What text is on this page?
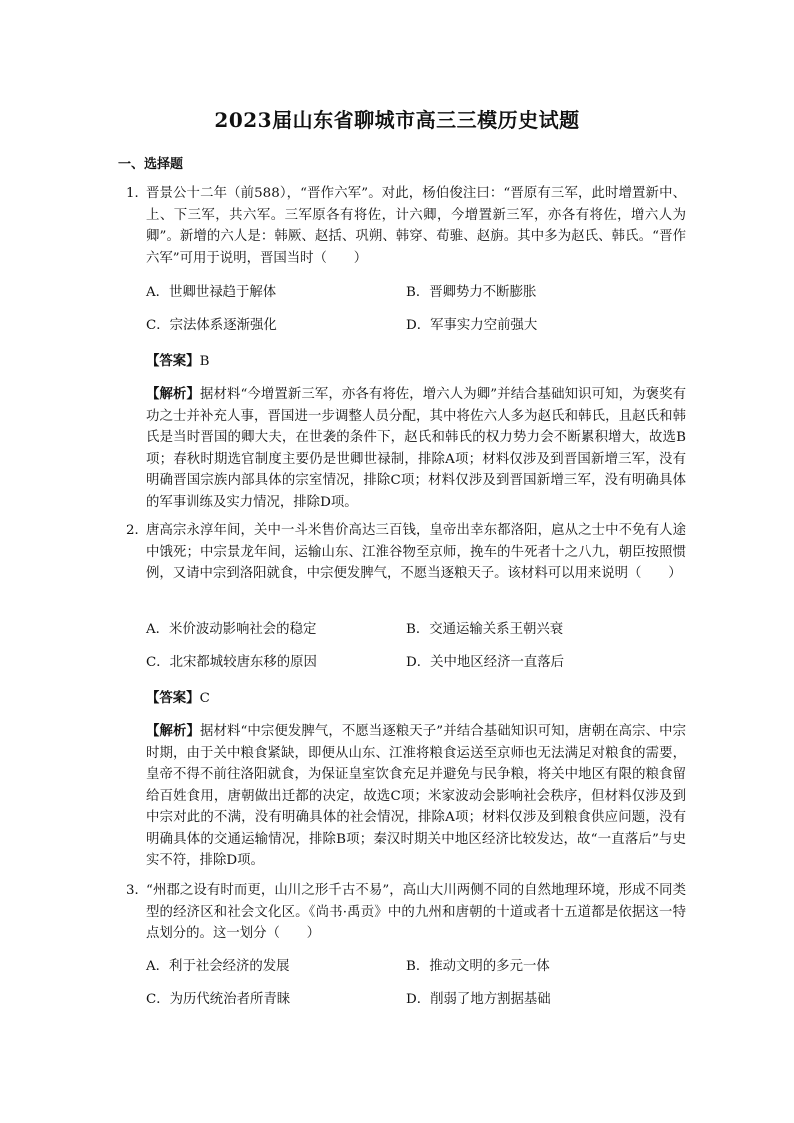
2023届山东省聊城市高三三模历史试题
一、选择题
1．
晋景公十二年（前588），“晋作六军”。对此，杨伯俊注曰：“晋原有三军，此时增置新中、上、下三军，共六军。三军原各有将佐，计六卿，今增置新三军，亦各有将佐，增六人为卿”。新增的六人是：韩厥、赵括、巩朔、韩穿、荀骓、赵旃。其中多为赵氏、韩氏。“晋作六军”可用于说明，晋国当时（　　）
A．世卿世禄趋于解体	B．晋卿势力不断膨胀
C．宗法体系逐渐强化	D．军事实力空前强大
【答案】B
【解析】据材料“今增置新三军，亦各有将佐，增六人为卿”并结合基础知识可知，为褒奖有功之士并补充人事，晋国进一步调整人员分配，其中将佐六人多为赵氏和韩氏，且赵氏和韩氏是当时晋国的卿大夫，在世袭的条件下，赵氏和韩氏的权力势力会不断累积增大，故选B项；春秋时期选官制度主要仍是世卿世禄制，排除A项；材料仅涉及到晋国新增三军，没有明确晋国宗族内部具体的宗室情况，排除C项；材料仅涉及到晋国新增三军，没有明确具体的军事训练及实力情况，排除D项。
2．
唐高宗永淳年间，关中一斗米售价高达三百钱，皇帝出幸东都洛阳，扈从之士中不免有人途中饿死；中宗景龙年间，运输山东、江淮谷物至京师，挽车的牛死者十之八九，朝臣按照惯例，又请中宗到洛阳就食，中宗便发脾气，不愿当逐粮天子。该材料可以用来说明（　　）
A．米价波动影响社会的稳定	B．交通运输关系王朝兴衰
C．北宋都城较唐东移的原因	D．关中地区经济一直落后
【答案】C
【解析】据材料“中宗便发脾气，不愿当逐粮天子”并结合基础知识可知，唐朝在高宗、中宗时期，由于关中粮食紧缺，即便从山东、江淮将粮食运送至京师也无法满足对粮食的需要，皇帝不得不前往洛阳就食，为保证皇室饮食充足并避免与民争粮，将关中地区有限的粮食留给百姓食用，唐朝做出迁都的决定，故选C项；米家波动会影响社会秩序，但材料仅涉及到中宗对此的不满，没有明确具体的社会情况，排除A项；材料仅涉及到粮食供应问题，没有明确具体的交通运输情况，排除B项；秦汉时期关中地区经济比较发达，故“一直落后”与史实不符，排除D项。
3．
“州郡之设有时而更，山川之形千古不易”，高山大川两侧不同的自然地理环境，形成不同类型的经济区和社会文化区。《尚书·禹贡》中的九州和唐朝的十道或者十五道都是依据这一特点划分的。这一划分（　　）
A．利于社会经济的发展	B．推动文明的多元一体
C．为历代统治者所青睐	D．削弱了地方割据基础
